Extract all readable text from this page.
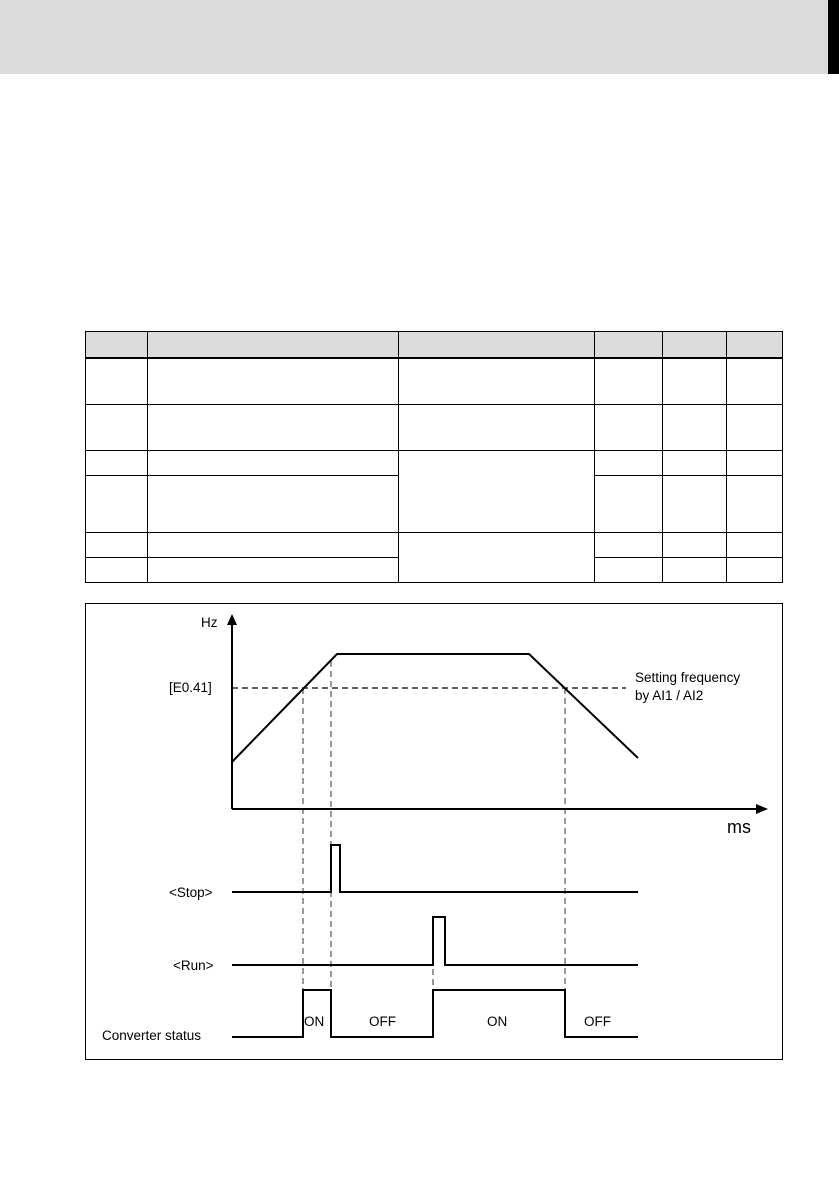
Hz
ms
[E0.41]
Setting frequency
by AI1 / AI2
<Stop>
<Run>
Converter status
ON	OFF	ON	OFF
